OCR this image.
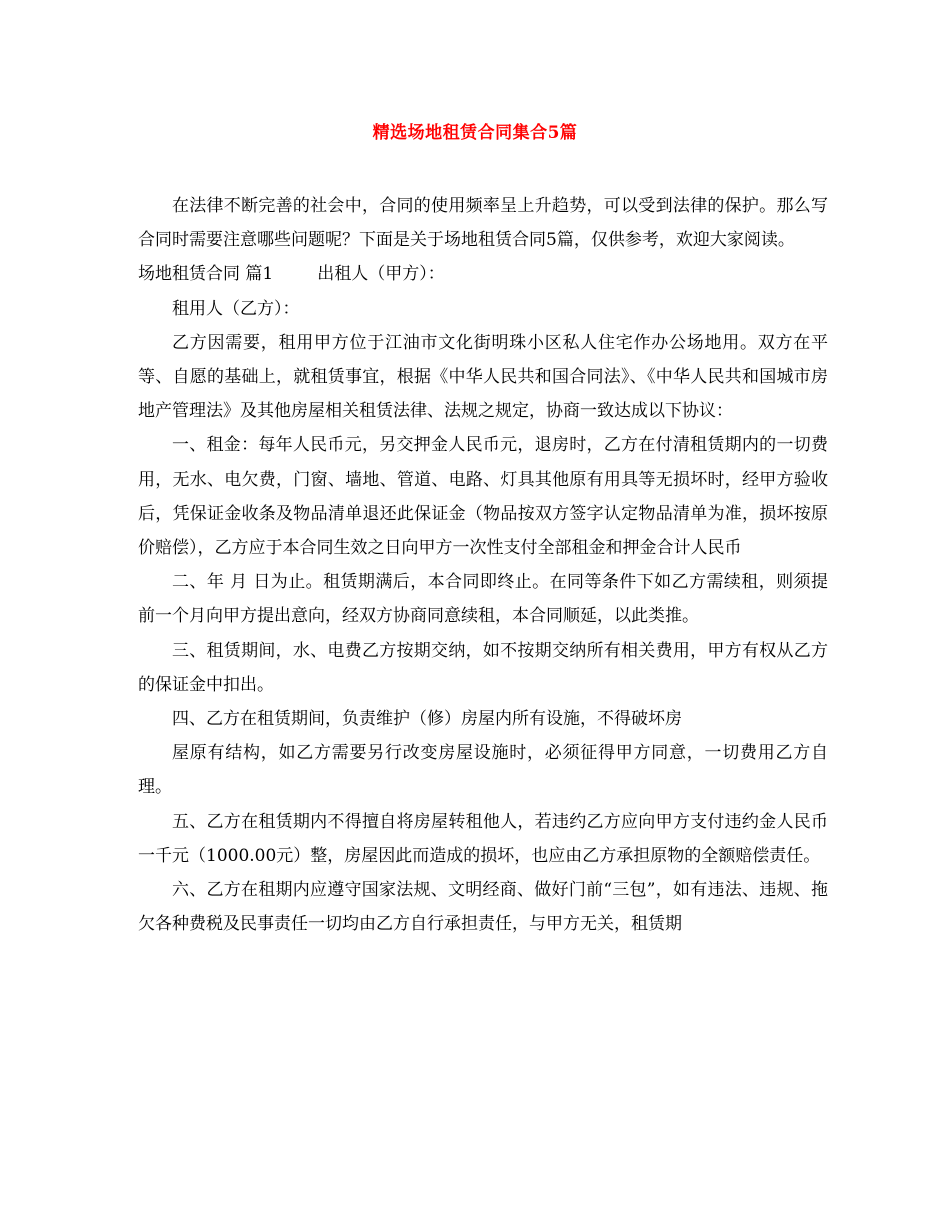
精选场地租赁合同集合5篇

在法律不断完善的社会中，合同的使用频率呈上升趋势，可以受到法律的保护。那么写合同时需要注意哪些问题呢？下面是关于场地租赁合同5篇，仅供参考，欢迎大家阅读。

场地租赁合同 篇1	出租人（甲方）：

租用人（乙方）：

乙方因需要，租用甲方位于江油市文化街明珠小区私人住宅作办公场地用。双方在平等、自愿的基础上，就租赁事宜，根据《中华人民共和国合同法》、《中华人民共和国城市房地产管理法》及其他房屋相关租赁法律、法规之规定，协商一致达成以下协议：

一、租金：每年人民币元，另交押金人民币元，退房时，乙方在付清租赁期内的一切费用，无水、电欠费，门窗、墙地、管道、电路、灯具其他原有用具等无损坏时，经甲方验收后，凭保证金收条及物品清单退还此保证金（物品按双方签字认定物品清单为准，损坏按原价赔偿），乙方应于本合同生效之日向甲方一次性支付全部租金和押金合计人民币

二、年 月 日为止。租赁期满后，本合同即终止。在同等条件下如乙方需续租，则须提前一个月向甲方提出意向，经双方协商同意续租，本合同顺延，以此类推。

三、租赁期间，水、电费乙方按期交纳，如不按期交纳所有相关费用，甲方有权从乙方的保证金中扣出。

四、乙方在租赁期间，负责维护（修）房屋内所有设施，不得破坏房

屋原有结构，如乙方需要另行改变房屋设施时，必须征得甲方同意，一切费用乙方自理。

五、乙方在租赁期内不得擅自将房屋转租他人，若违约乙方应向甲方支付违约金人民币一千元（1000.00元）整，房屋因此而造成的损坏，也应由乙方承担原物的全额赔偿责任。

六、乙方在租期内应遵守国家法规、文明经商、做好门前“三包”，如有违法、违规、拖欠各种费税及民事责任一切均由乙方自行承担责任，与甲方无关，租赁期
